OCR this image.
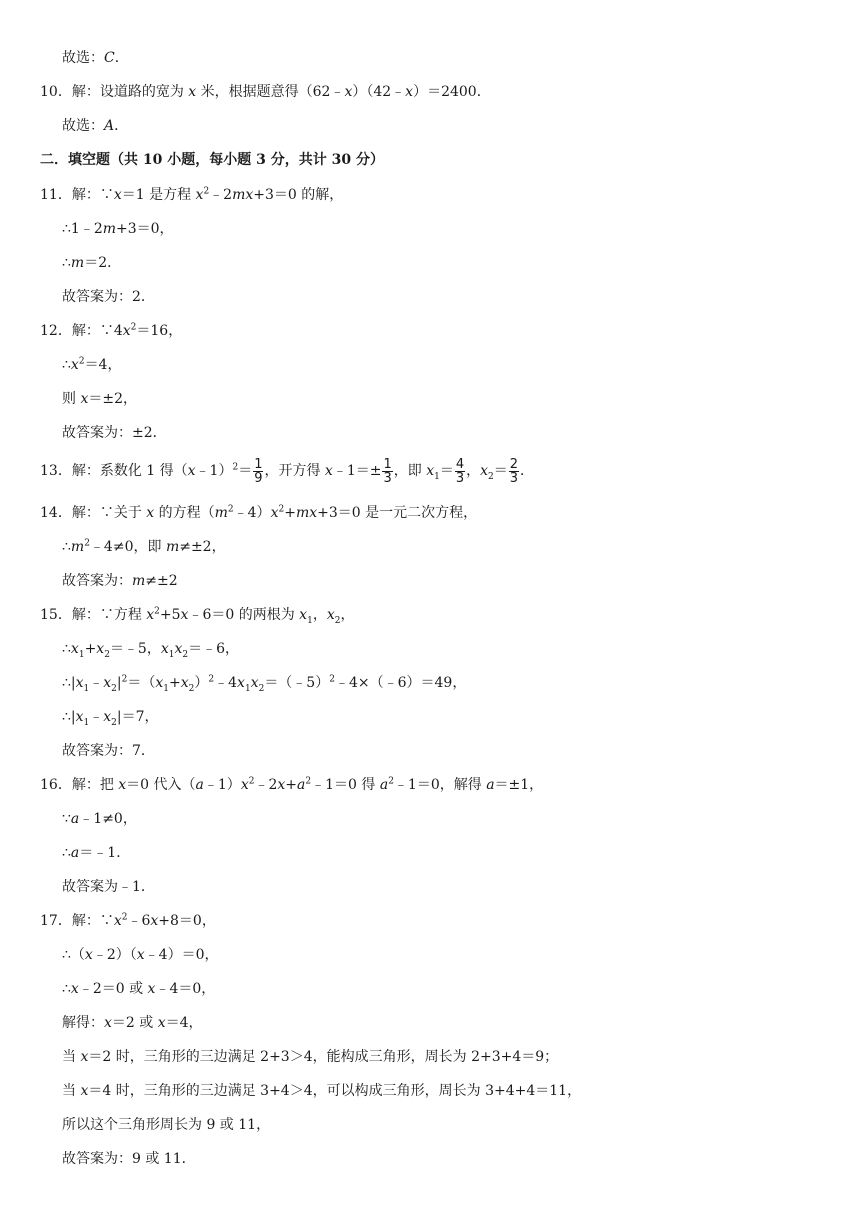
故选：C．
10．解：设道路的宽为 x 米，根据题意得（62﹣x）（42﹣x）＝2400．
故选：A．
二．填空题（共 10 小题，每小题 3 分，共计 30 分）
11．解：∵x＝1 是方程 $x^2﹣2mx+3=0$ 的解，
∴1﹣2m+3＝0，
∴m＝2．
故答案为：2．
12．解：$\because 4x^2=16$，
$\therefore x^2=4$，
则 x＝±2，
故答案为：±2．
13．解：系数化 1 得（x﹣1）$^2$＝ $\frac{1}{9}$ ，开方得 x﹣1＝± $\frac{1}{3}$ ，即 $x_1= \frac{4}{3}$ ，$x_2= \frac{2}{3}$ ．
14．解：∵关于 x 的方程$(m^2﹣4)x^2+mx+3=0$ 是一元二次方程，
$\therefore m^2﹣4\ne 0$，即 m≠±2，
故答案为：m≠±2
15．解：∵方程 $x^2+5x﹣6=0$ 的两根为 $x_1$，$x_2$，
$\therefore x_1+x_2=﹣5$，$x_1x_2=﹣6$，
$\therefore|x_1﹣x_2|^2=(x_1+x_2)^2﹣4x_1x_2=(﹣5)^2﹣4\times(﹣6)=49$，
$\therefore|x_1﹣x_2|=7$，
故答案为：7．
16．解：把 x＝0 代入$(a﹣1)x^2﹣2x+a^2﹣1=0$ 得 $a^2﹣1=0$，解得 a＝±1，
∵a﹣1≠0，
∴a＝﹣1．
故答案为﹣1．
17．解：$\because x^2﹣6x+8=0$，
∴（x﹣2）（x﹣4）＝0，
∴x﹣2＝0 或 x﹣4＝0，
解得：x＝2 或 x＝4，
当 x＝2 时，三角形的三边满足 2+3＞4，能构成三角形，周长为 2+3+4＝9；
当 x＝4 时，三角形的三边满足 3+4＞4，可以构成三角形，周长为 3+4+4＝11，
所以这个三角形周长为 9 或 11，
故答案为：9 或 11．
